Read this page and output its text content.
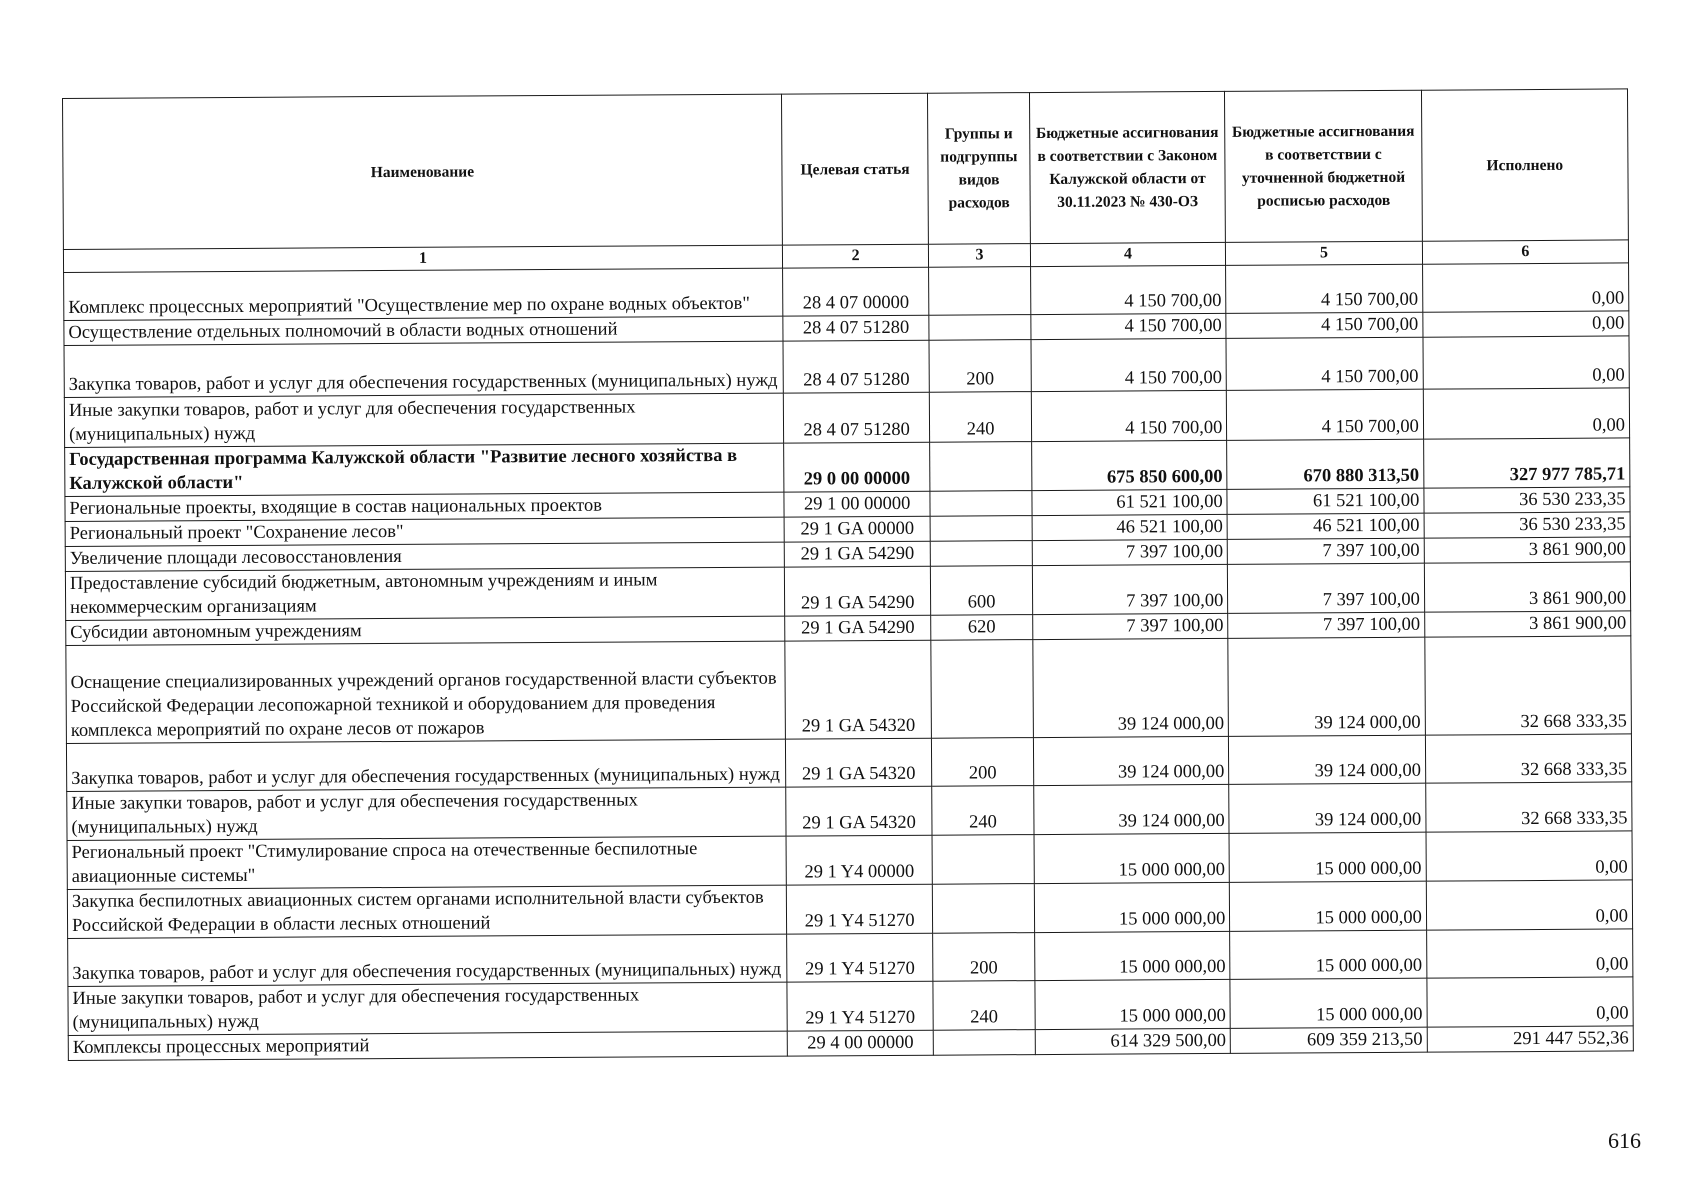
Наименование	Целевая статья	Группы и подгруппы видов расходов	Бюджетные ассигнования в соответствии с Законом Калужской области от 30.11.2023 № 430-ОЗ	Бюджетные ассигнования в соответствии с уточненной бюджетной росписью расходов	Исполнено
1	2	3	4	5	6
Комплекс процессных мероприятий "Осуществление мер по охране водных объектов"	28 4 07 00000		4 150 700,00	4 150 700,00	0,00
Осуществление отдельных полномочий в области водных отношений	28 4 07 51280		4 150 700,00	4 150 700,00	0,00
Закупка товаров, работ и услуг для обеспечения государственных (муниципальных) нужд	28 4 07 51280	200	4 150 700,00	4 150 700,00	0,00
Иные закупки товаров, работ и услуг для обеспечения государственных (муниципальных) нужд	28 4 07 51280	240	4 150 700,00	4 150 700,00	0,00
Государственная программа Калужской области "Развитие лесного хозяйства в Калужской области"	29 0 00 00000		675 850 600,00	670 880 313,50	327 977 785,71
Региональные проекты, входящие в состав национальных проектов	29 1 00 00000		61 521 100,00	61 521 100,00	36 530 233,35
Региональный проект "Сохранение лесов"	29 1 GA 00000		46 521 100,00	46 521 100,00	36 530 233,35
Увеличение площади лесовосстановления	29 1 GA 54290		7 397 100,00	7 397 100,00	3 861 900,00
Предоставление субсидий бюджетным, автономным учреждениям и иным некоммерческим организациям	29 1 GA 54290	600	7 397 100,00	7 397 100,00	3 861 900,00
Субсидии автономным учреждениям	29 1 GA 54290	620	7 397 100,00	7 397 100,00	3 861 900,00
Оснащение специализированных учреждений органов государственной власти субъектов Российской Федерации лесопожарной техникой и оборудованием для проведения комплекса мероприятий по охране лесов от пожаров	29 1 GA 54320		39 124 000,00	39 124 000,00	32 668 333,35
Закупка товаров, работ и услуг для обеспечения государственных (муниципальных) нужд	29 1 GA 54320	200	39 124 000,00	39 124 000,00	32 668 333,35
Иные закупки товаров, работ и услуг для обеспечения государственных (муниципальных) нужд	29 1 GA 54320	240	39 124 000,00	39 124 000,00	32 668 333,35
Региональный проект "Стимулирование спроса на отечественные беспилотные авиационные системы"	29 1 Y4 00000		15 000 000,00	15 000 000,00	0,00
Закупка беспилотных авиационных систем органами исполнительной власти субъектов Российской Федерации в области лесных отношений	29 1 Y4 51270		15 000 000,00	15 000 000,00	0,00
Закупка товаров, работ и услуг для обеспечения государственных (муниципальных) нужд	29 1 Y4 51270	200	15 000 000,00	15 000 000,00	0,00
Иные закупки товаров, работ и услуг для обеспечения государственных (муниципальных) нужд	29 1 Y4 51270	240	15 000 000,00	15 000 000,00	0,00
Комплексы процессных мероприятий	29 4 00 00000		614 329 500,00	609 359 213,50	291 447 552,36
616
